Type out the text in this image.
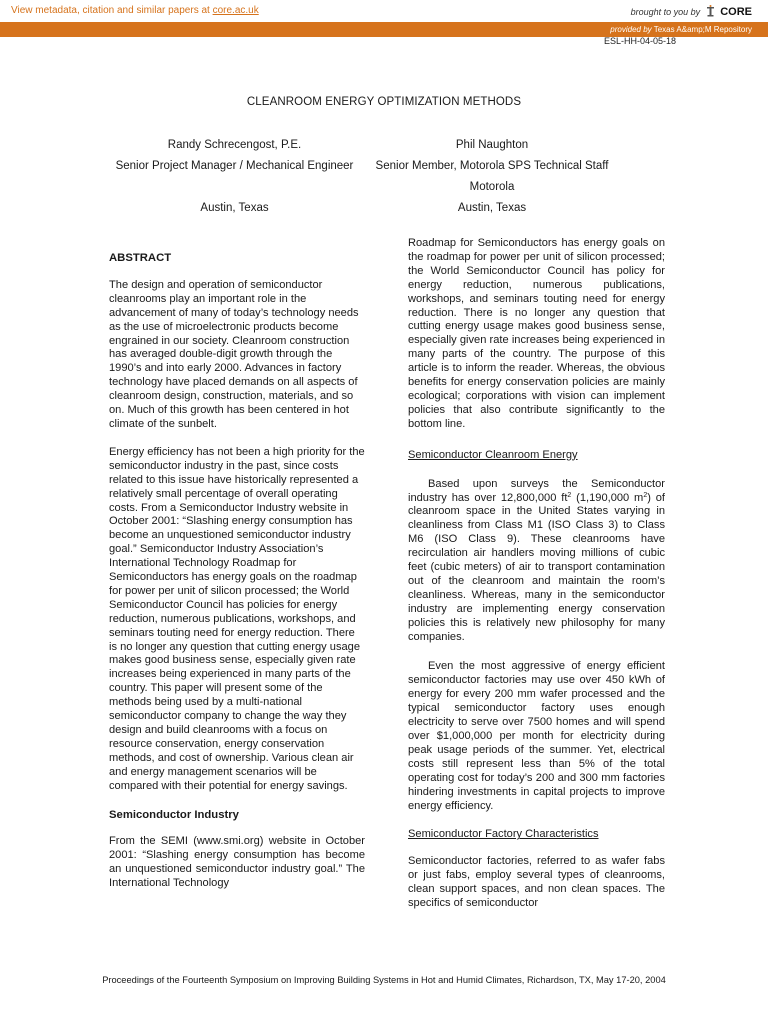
View metadata, citation and similar papers at core.ac.uk	brought to you by CORE
provided by Texas A&amp;M Repository
ESL-HH-04-05-18
CLEANROOM ENERGY OPTIMIZATION METHODS
Randy Schrecengost, P.E.
Senior Project Manager / Mechanical Engineer
Austin, Texas
Phil Naughton
Senior Member, Motorola SPS Technical Staff
Motorola
Austin, Texas

ABSTRACT

The design and operation of semiconductor cleanrooms play an important role in the advancement of many of today’s technology needs as the use of microelectronic products become engrained in our society. Cleanroom construction has averaged double-digit growth through the 1990’s and into early 2000. Advances in factory technology have placed demands on all aspects of cleanroom design, construction, materials, and so on. Much of this growth has been centered in hot climate of the sunbelt.

Energy efficiency has not been a high priority for the semiconductor industry in the past, since costs related to this issue have historically represented a relatively small percentage of overall operating costs. From a Semiconductor Industry website in October 2001: “Slashing energy consumption has become an unquestioned semiconductor industry goal.” Semiconductor Industry Association’s International Technology Roadmap for Semiconductors has energy goals on the roadmap for power per unit of silicon processed; the World Semiconductor Council has policies for energy reduction, numerous publications, workshops, and seminars touting need for energy reduction. There is no longer any question that cutting energy usage makes good business sense, especially given rate increases being experienced in many parts of the country. This paper will present some of the methods being used by a multi-national semiconductor company to change the way they design and build cleanrooms with a focus on resource conservation, energy conservation methods, and cost of ownership. Various clean air and energy management scenarios will be compared with their potential for energy savings.

Semiconductor Industry

From the SEMI (www.smi.org) website in October 2001: “Slashing energy consumption has become an unquestioned semiconductor industry goal.” The International Technology

Roadmap for Semiconductors has energy goals on the roadmap for power per unit of silicon processed; the World Semiconductor Council has policy for energy reduction, numerous publications, workshops, and seminars touting need for energy reduction. There is no longer any question that cutting energy usage makes good business sense, especially given rate increases being experienced in many parts of the country. The purpose of this article is to inform the reader. Whereas, the obvious benefits for energy conservation policies are mainly ecological; corporations with vision can implement policies that also contribute significantly to the bottom line.

Semiconductor Cleanroom Energy

Based upon surveys the Semiconductor industry has over 12,800,000 $ft^2$ (1,190,000 $m^2$) of cleanroom space in the United States varying in cleanliness from Class M1 (ISO Class 3) to Class M6 (ISO Class 9). These cleanrooms have recirculation air handlers moving millions of cubic feet (cubic meters) of air to transport contamination out of the cleanroom and maintain the room’s cleanliness. Whereas, many in the semiconductor industry are implementing energy conservation policies this is relatively new philosophy for many companies.

Even the most aggressive of energy efficient semiconductor factories may use over 450 kWh of energy for every 200 mm wafer processed and the typical semiconductor factory uses enough electricity to serve over 7500 homes and will spend over $1,000,000 per month for electricity during peak usage periods of the summer. Yet, electrical costs still represent less than 5% of the total operating cost for today’s 200 and 300 mm factories hindering investments in capital projects to improve energy efficiency.

Semiconductor Factory Characteristics

Semiconductor factories, referred to as wafer fabs or just fabs, employ several types of cleanrooms, clean support spaces, and non clean spaces. The specifics of semiconductor

Proceedings of the Fourteenth Symposium on Improving Building Systems in Hot and Humid Climates, Richardson, TX, May 17-20, 2004
